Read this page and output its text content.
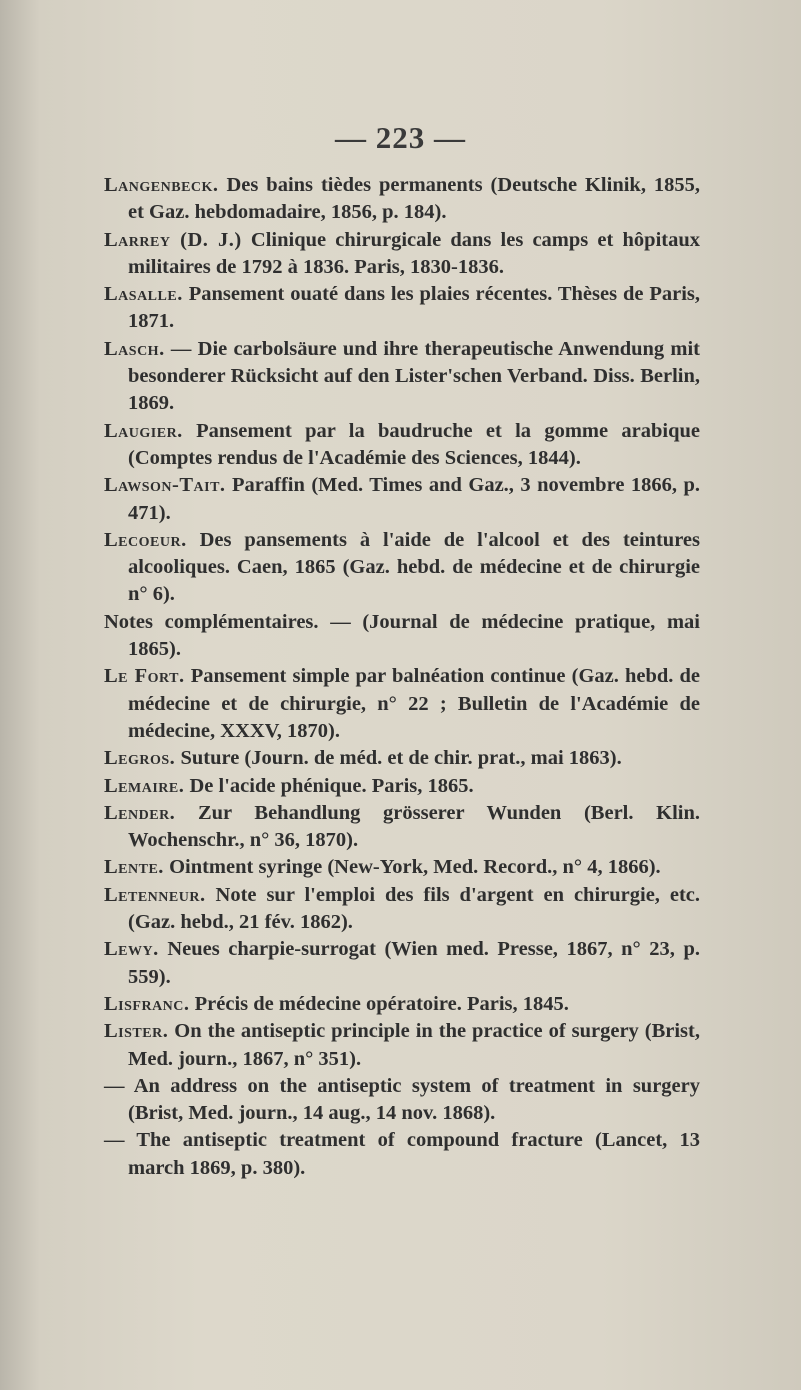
— 223 —

Langenbeck. Des bains tièdes permanents (Deutsche Klinik, 1855, et Gaz. hebdomadaire, 1856, p. 184).

Larrey (D. J.) Clinique chirurgicale dans les camps et hôpitaux militaires de 1792 à 1836. Paris, 1830-1836.

Lasalle. Pansement ouaté dans les plaies récentes. Thèses de Paris, 1871.

Lasch. — Die carbolsäure und ihre therapeutische Anwendung mit besonderer Rücksicht auf den Lister'schen Verband. Diss. Berlin, 1869.

Laugier. Pansement par la baudruche et la gomme arabique (Comptes rendus de l'Académie des Sciences, 1844).

Lawson-Tait. Paraffin (Med. Times and Gaz., 3 novembre 1866, p. 471).

Lecoeur. Des pansements à l'aide de l'alcool et des teintures alcooliques. Caen, 1865 (Gaz. hebd. de médecine et de chirurgie n° 6).

Notes complémentaires. — (Journal de médecine pratique, mai 1865).

Le Fort. Pansement simple par balnéation continue (Gaz. hebd. de médecine et de chirurgie, n° 22 ; Bulletin de l'Académie de médecine, XXXV, 1870).

Legros. Suture (Journ. de méd. et de chir. prat., mai 1863).

Lemaire. De l'acide phénique. Paris, 1865.

Lender. Zur Behandlung grösserer Wunden (Berl. Klin. Wochenschr., n° 36, 1870).

Lente. Ointment syringe (New-York, Med. Record., n° 4, 1866).

Letenneur. Note sur l'emploi des fils d'argent en chirurgie, etc. (Gaz. hebd., 21 fév. 1862).

Lewy. Neues charpie-surrogat (Wien med. Presse, 1867, n° 23, p. 559).

Lisfranc. Précis de médecine opératoire. Paris, 1845.

Lister. On the antiseptic principle in the practice of surgery (Brist, Med. journ., 1867, n° 351).

— An address on the antiseptic system of treatment in surgery (Brist, Med. journ., 14 aug., 14 nov. 1868).

— The antiseptic treatment of compound fracture (Lancet, 13 march 1869, p. 380).
